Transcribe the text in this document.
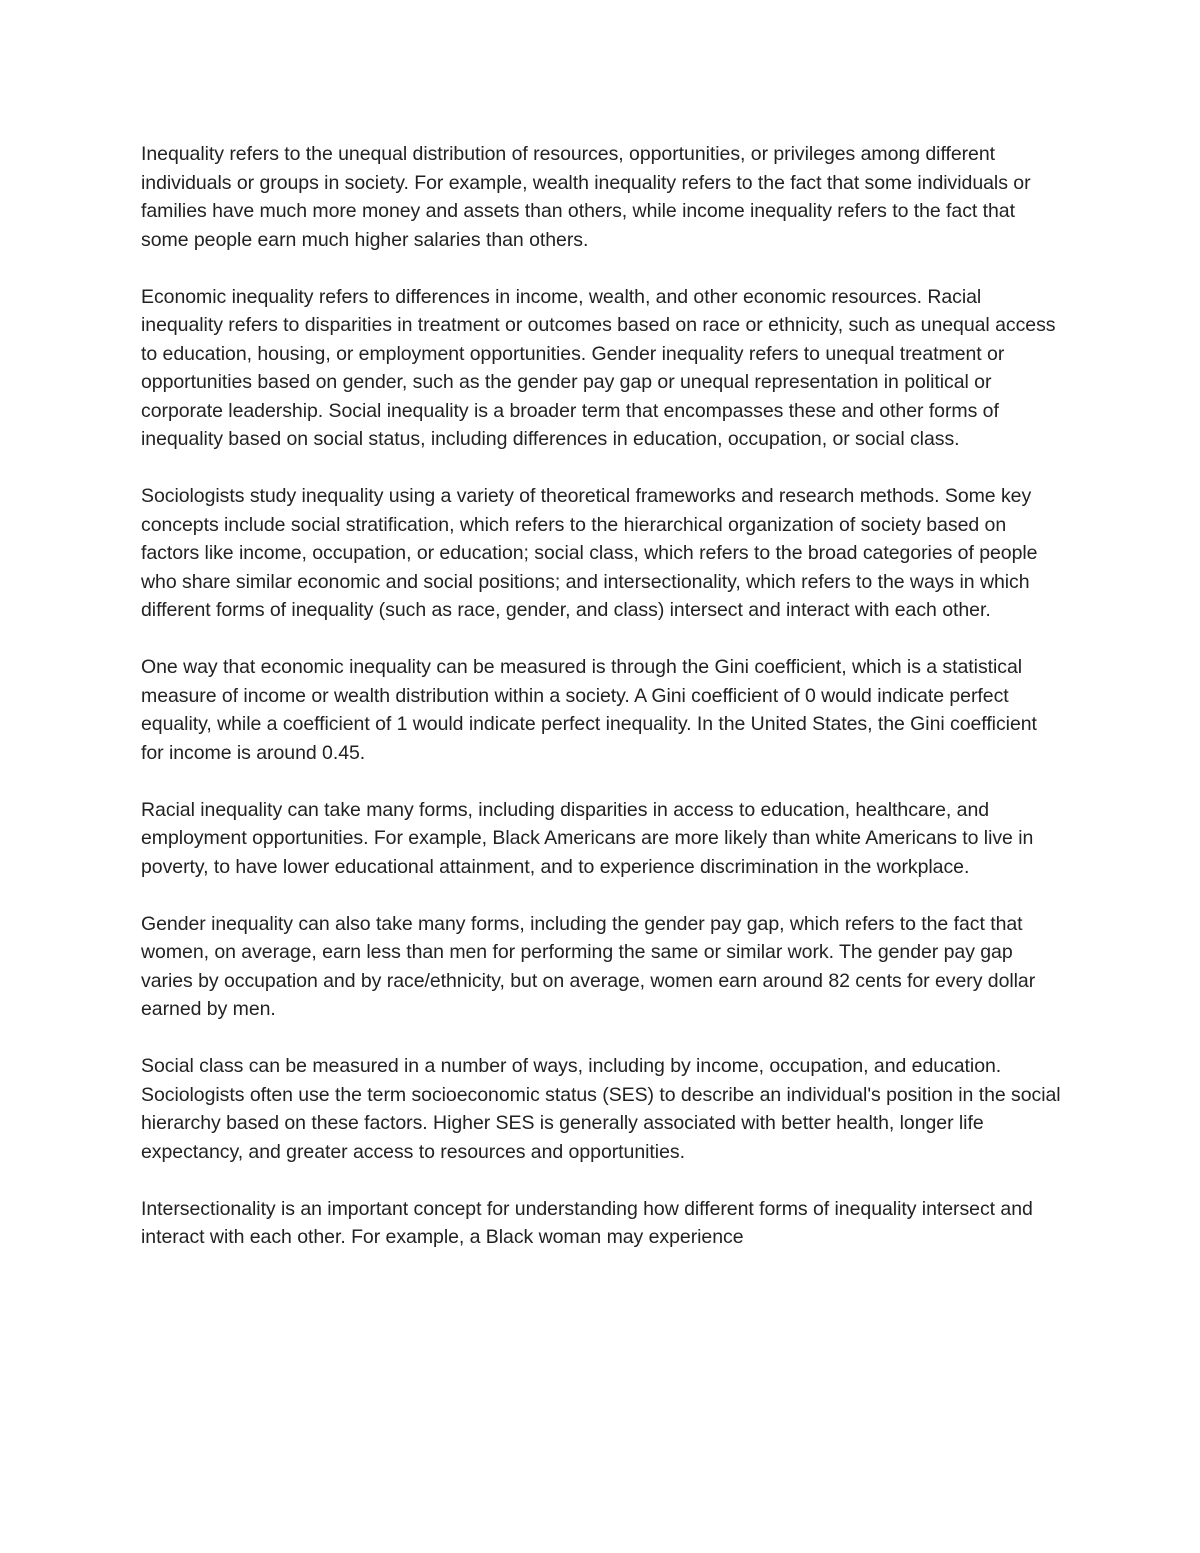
Inequality refers to the unequal distribution of resources, opportunities, or privileges among different individuals or groups in society. For example, wealth inequality refers to the fact that some individuals or families have much more money and assets than others, while income inequality refers to the fact that some people earn much higher salaries than others.

Economic inequality refers to differences in income, wealth, and other economic resources. Racial inequality refers to disparities in treatment or outcomes based on race or ethnicity, such as unequal access to education, housing, or employment opportunities. Gender inequality refers to unequal treatment or opportunities based on gender, such as the gender pay gap or unequal representation in political or corporate leadership. Social inequality is a broader term that encompasses these and other forms of inequality based on social status, including differences in education, occupation, or social class.

Sociologists study inequality using a variety of theoretical frameworks and research methods. Some key concepts include social stratification, which refers to the hierarchical organization of society based on factors like income, occupation, or education; social class, which refers to the broad categories of people who share similar economic and social positions; and intersectionality, which refers to the ways in which different forms of inequality (such as race, gender, and class) intersect and interact with each other.

One way that economic inequality can be measured is through the Gini coefficient, which is a statistical measure of income or wealth distribution within a society. A Gini coefficient of 0 would indicate perfect equality, while a coefficient of 1 would indicate perfect inequality. In the United States, the Gini coefficient for income is around 0.45.

Racial inequality can take many forms, including disparities in access to education, healthcare, and employment opportunities. For example, Black Americans are more likely than white Americans to live in poverty, to have lower educational attainment, and to experience discrimination in the workplace.

Gender inequality can also take many forms, including the gender pay gap, which refers to the fact that women, on average, earn less than men for performing the same or similar work. The gender pay gap varies by occupation and by race/ethnicity, but on average, women earn around 82 cents for every dollar earned by men.

Social class can be measured in a number of ways, including by income, occupation, and education. Sociologists often use the term socioeconomic status (SES) to describe an individual's position in the social hierarchy based on these factors. Higher SES is generally associated with better health, longer life expectancy, and greater access to resources and opportunities.

Intersectionality is an important concept for understanding how different forms of inequality intersect and interact with each other. For example, a Black woman may experience
